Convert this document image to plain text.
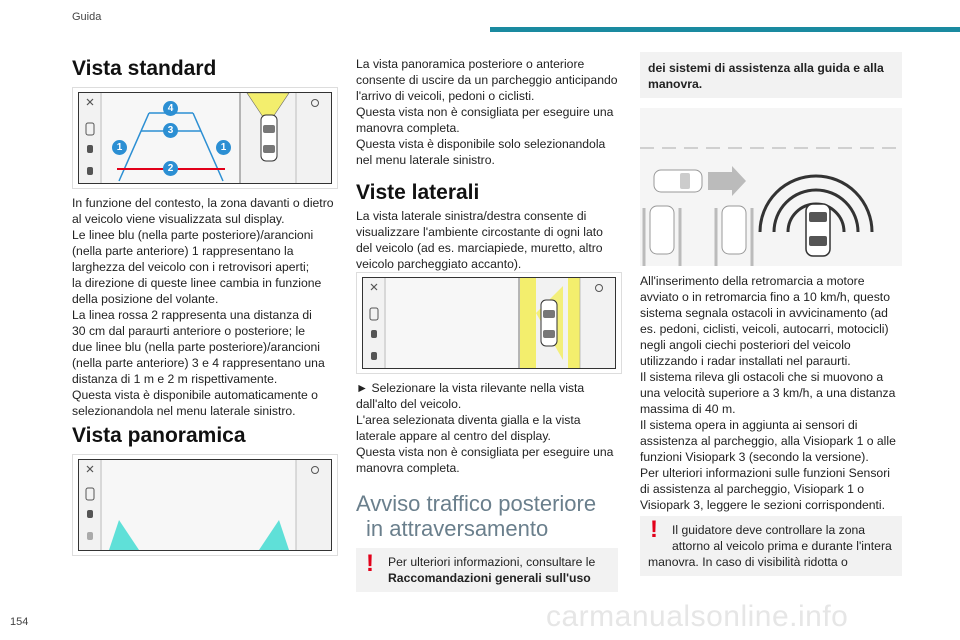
Guida
Vista standard
4
3
1	1
2

In funzione del contesto, la zona davanti o dietro

al veicolo viene visualizzata sul display.

Le linee blu (nella parte posteriore)/arancioni

(nella parte anteriore) 1 rappresentano la

larghezza del veicolo con i retrovisori aperti;

la direzione di queste linee cambia in funzione

della posizione del volante.

La linea rossa 2 rappresenta una distanza di

30 cm dal paraurti anteriore o posteriore; le

due linee blu (nella parte posteriore)/arancioni

(nella parte anteriore) 3 e 4 rappresentano una

distanza di 1 m e 2 m rispettivamente.

Questa vista è disponibile automaticamente o

selezionandola nel menu laterale sinistro.

Vista panoramica

La vista panoramica posteriore o anteriore

consente di uscire da un parcheggio anticipando

l'arrivo di veicoli, pedoni o ciclisti.

Questa vista non è consigliata per eseguire una

manovra completa.

Questa vista è disponibile solo selezionandola

nel menu laterale sinistro.

Viste laterali

La vista laterale sinistra/destra consente di

visualizzare l'ambiente circostante di ogni lato

del veicolo (ad es. marciapiede, muretto, altro

veicolo parcheggiato accanto).

► Selezionare la vista rilevante nella vista

dall'alto del veicolo.

L'area selezionata diventa gialla e la vista

laterale appare al centro del display.

Questa vista non è consigliata per eseguire una

manovra completa.

Avviso traffico posteriore
in attraversamento
! Per ulteriori informazioni, consultare le

Raccomandazioni generali sull'uso

dei sistemi di assistenza alla guida e alla

manovra.

All'inserimento della retromarcia a motore

avviato o in retromarcia fino a 10 km/h, questo

sistema segnala ostacoli in avvicinamento (ad

es. pedoni, ciclisti, veicoli, autocarri, motocicli)

negli angoli ciechi posteriori del veicolo

utilizzando i radar installati nel paraurti.

Il sistema rileva gli ostacoli che si muovono a

una velocità superiore a 3 km/h, a una distanza

massima di 40 m.

Il sistema opera in aggiunta ai sensori di

assistenza al parcheggio, alla Visiopark 1 o alle

funzioni Visiopark 3 (secondo la versione).

Per ulteriori informazioni sulle funzioni Sensori

di assistenza al parcheggio, Visiopark 1 o

Visiopark 3, leggere le sezioni corrispondenti.

!	Il guidatore deve controllare la zona

attorno al veicolo prima e durante l'intera

manovra. In caso di visibilità ridotta o

154	carmanualsonline.info
